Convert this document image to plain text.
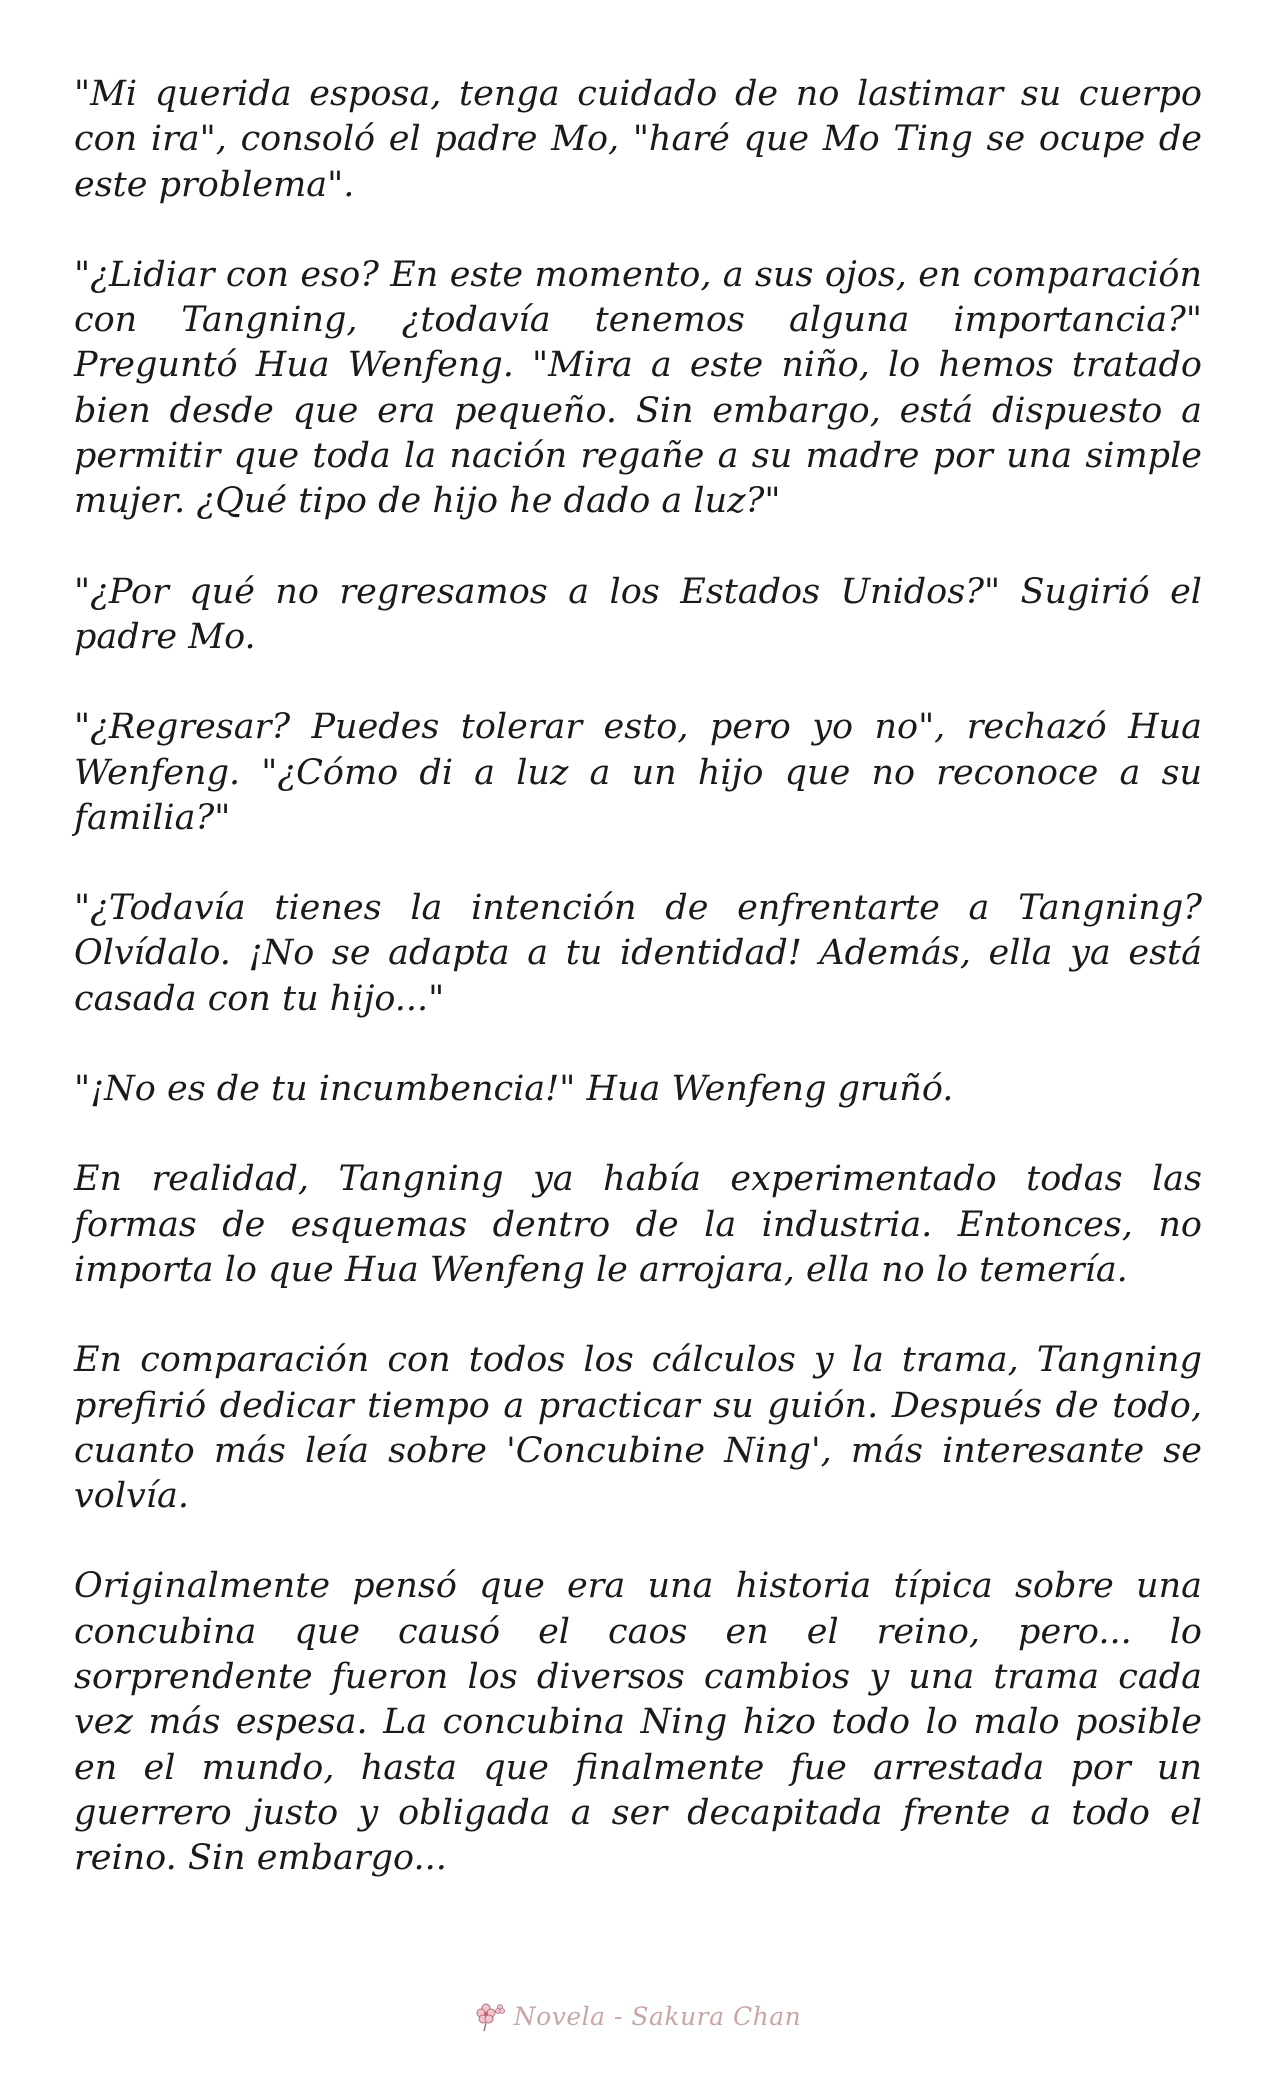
"Mi querida esposa, tenga cuidado de no lastimar su cuerpo con ira", consoló el padre Mo, "haré que Mo Ting se ocupe de este problema".

"¿Lidiar con eso? En este momento, a sus ojos, en comparación con Tangning, ¿todavía tenemos alguna importancia?" Preguntó Hua Wenfeng. "Mira a este niño, lo hemos tratado bien desde que era pequeño. Sin embargo, está dispuesto a permitir que toda la nación regañe a su madre por una simple mujer. ¿Qué tipo de hijo he dado a luz?"

"¿Por qué no regresamos a los Estados Unidos?" Sugirió el padre Mo.

"¿Regresar? Puedes tolerar esto, pero yo no", rechazó Hua Wenfeng. "¿Cómo di a luz a un hijo que no reconoce a su familia?"

"¿Todavía tienes la intención de enfrentarte a Tangning? Olvídalo. ¡No se adapta a tu identidad! Además, ella ya está casada con tu hijo..."

"¡No es de tu incumbencia!" Hua Wenfeng gruñó.

En realidad, Tangning ya había experimentado todas las formas de esquemas dentro de la industria. Entonces, no importa lo que Hua Wenfeng le arrojara, ella no lo temería.

En comparación con todos los cálculos y la trama, Tangning prefirió dedicar tiempo a practicar su guión. Después de todo, cuanto más leía sobre 'Concubine Ning', más interesante se volvía.

Originalmente pensó que era una historia típica sobre una concubina que causó el caos en el reino, pero... lo sorprendente fueron los diversos cambios y una trama cada vez más espesa. La concubina Ning hizo todo lo malo posible en el mundo, hasta que finalmente fue arrestada por un guerrero justo y obligada a ser decapitada frente a todo el reino. Sin embargo...

Novela - Sakura Chan
